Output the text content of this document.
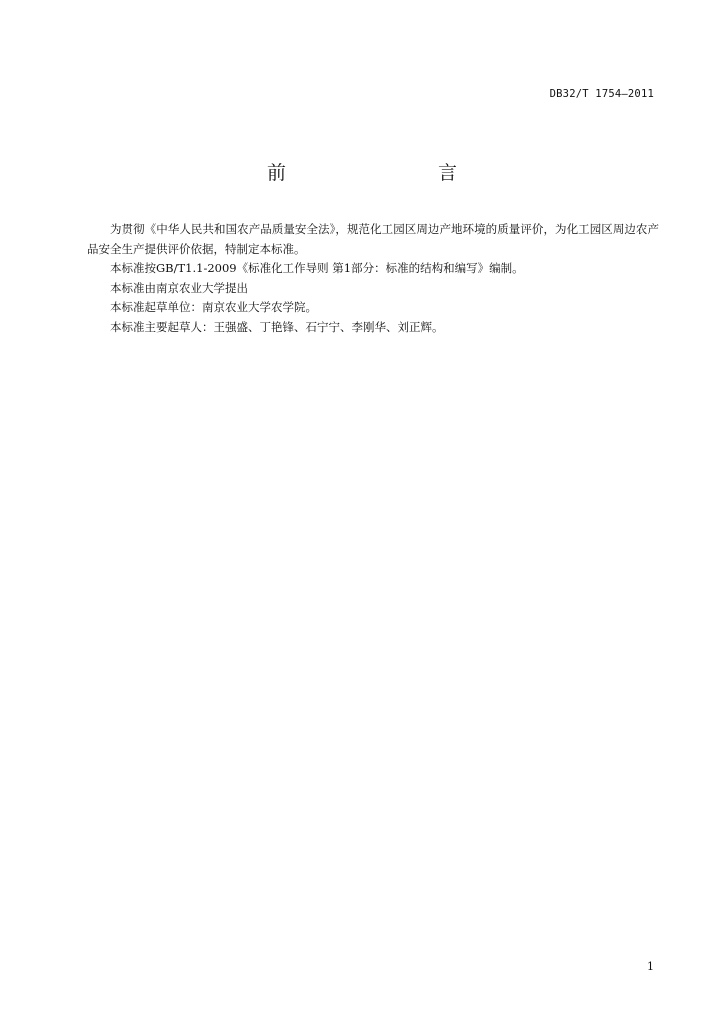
DB32/T 1754—2011
前　　言

为贯彻《中华人民共和国农产品质量安全法》，规范化工园区周边产地环境的质量评价，为化工园区周边农产品安全生产提供评价依据，特制定本标准。

本标准按GB/T1.1-2009《标准化工作导则 第1部分：标准的结构和编写》编制。

本标准由南京农业大学提出

本标准起草单位：南京农业大学农学院。

本标准主要起草人：王强盛、丁艳锋、石宁宁、李刚华、刘正辉。

1
